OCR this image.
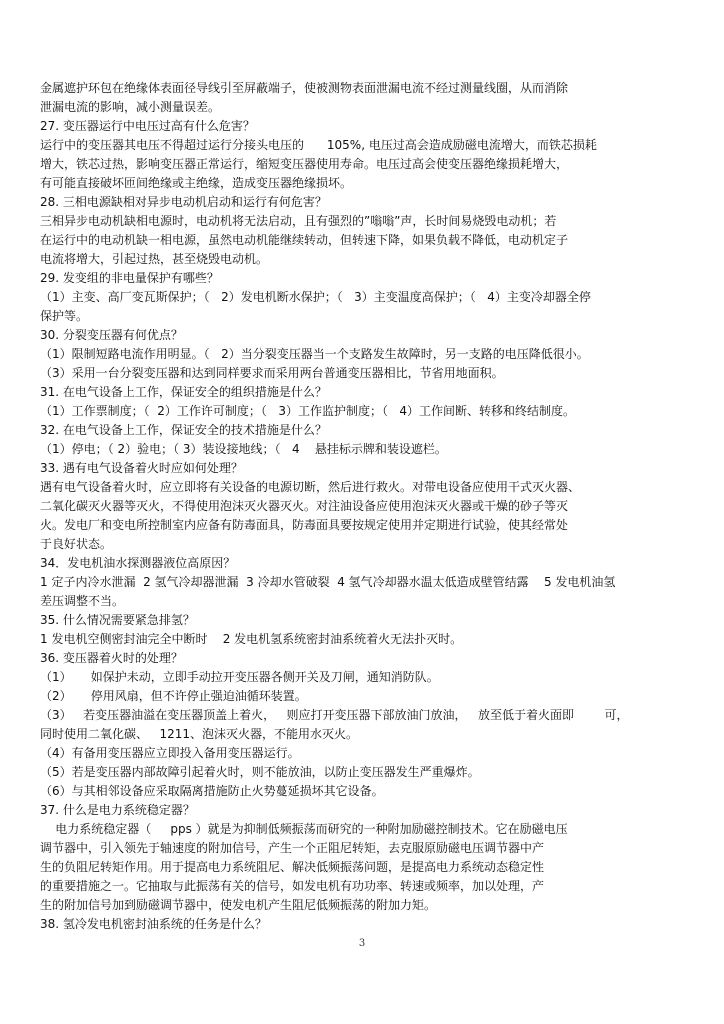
金属遮护环包在绝缘体表面径导线引至屏蔽端子，使被测物表面泄漏电流不经过测量线圈，从而消除
泄漏电流的影响，减小测量误差。
27. 变压器运行中电压过高有什么危害？
运行中的变压器其电压不得超过运行分接头电压的      105%, 电压过高会造成励磁电流增大，而铁芯损耗
增大，铁芯过热，影响变压器正常运行，缩短变压器使用寿命。电压过高会使变压器绝缘损耗增大，
有可能直接破坏匝间绝缘或主绝缘，造成变压器绝缘损坏。
28. 三相电源缺相对异步电动机启动和运行有何危害？
三相异步电动机缺相电源时，电动机将无法启动，且有强烈的”嗡嗡”声，长时间易烧毁电动机；若
在运行中的电动机缺一相电源，虽然电动机能继续转动，但转速下降，如果负载不降低，电动机定子
电流将增大，引起过热，甚至烧毁电动机。
29. 发变组的非电量保护有哪些？
（1）主变、高厂变瓦斯保护；（   2）发电机断水保护；（   3）主变温度高保护；（   4）主变冷却器全停
保护等。
30. 分裂变压器有何优点？
（1）限制短路电流作用明显。（   2）当分裂变压器当一个支路发生故障时，另一支路的电压降低很小。
（3）采用一台分裂变压器和达到同样要求而采用两台普通变压器相比，节省用地面积。
31. 在电气设备上工作，保证安全的组织措施是什么？
（1）工作票制度；（  2）工作许可制度；（   3）工作监护制度；（   4）工作间断、转移和终结制度。
32. 在电气设备上工作，保证安全的技术措施是什么？
（1）停电；（ 2）验电；（ 3）装设接地线；（   4    悬挂标示牌和装设遮栏。
33. 遇有电气设备着火时应如何处理？
遇有电气设备着火时，应立即将有关设备的电源切断，然后进行救火。对带电设备应使用干式灭火器、
二氧化碳灭火器等灭火，不得使用泡沫灭火器灭火。对注油设备应使用泡沫灭火器或干燥的砂子等灭
火。发电厂和变电所控制室内应备有防毒面具，防毒面具要按规定使用并定期进行试验，使其经常处
于良好状态。
34．发电机油水探测器液位高原因？
1 定子内冷水泄漏  2 氢气冷却器泄漏  3 冷却水管破裂  4 氢气冷却器水温太低造成壁管结露    5 发电机油氢
差压调整不当。
35. 什么情况需要紧急排氢？
1 发电机空侧密封油完全中断时    2 发电机氢系统密封油系统着火无法扑灭时。
36. 变压器着火时的处理？
（1）     如保护未动，立即手动拉开变压器各侧开关及刀闸，通知消防队。
（2）     停用风扇，但不许停止强迫油循环装置。
（3）   若变压器油溢在变压器顶盖上着火，   则应打开变压器下部放油门放油，   放至低于着火面即        可，
同时使用二氧化碳、   1211、泡沫灭火器，不能用水灭火。
（4）有备用变压器应立即投入备用变压器运行。
（5）若是变压器内部故障引起着火时，则不能放油，以防止变压器发生严重爆炸。
（6）与其相邻设备应采取隔离措施防止火势蔓延损坏其它设备。
37. 什么是电力系统稳定器？
电力系统稳定器（     pps ）就是为抑制低频振荡而研究的一种附加励磁控制技术。它在励磁电压
调节器中，引入领先于轴速度的附加信号，产生一个正阻尼转矩，去克服原励磁电压调节器中产
生的负阻尼转矩作用。用于提高电力系统阻尼、解决低频振荡问题，是提高电力系统动态稳定性
的重要措施之一。它抽取与此振荡有关的信号，如发电机有功功率、转速或频率，加以处理，产
生的附加信号加到励磁调节器中，使发电机产生阻尼低频振荡的附加力矩。
38. 氢冷发电机密封油系统的任务是什么？
3
